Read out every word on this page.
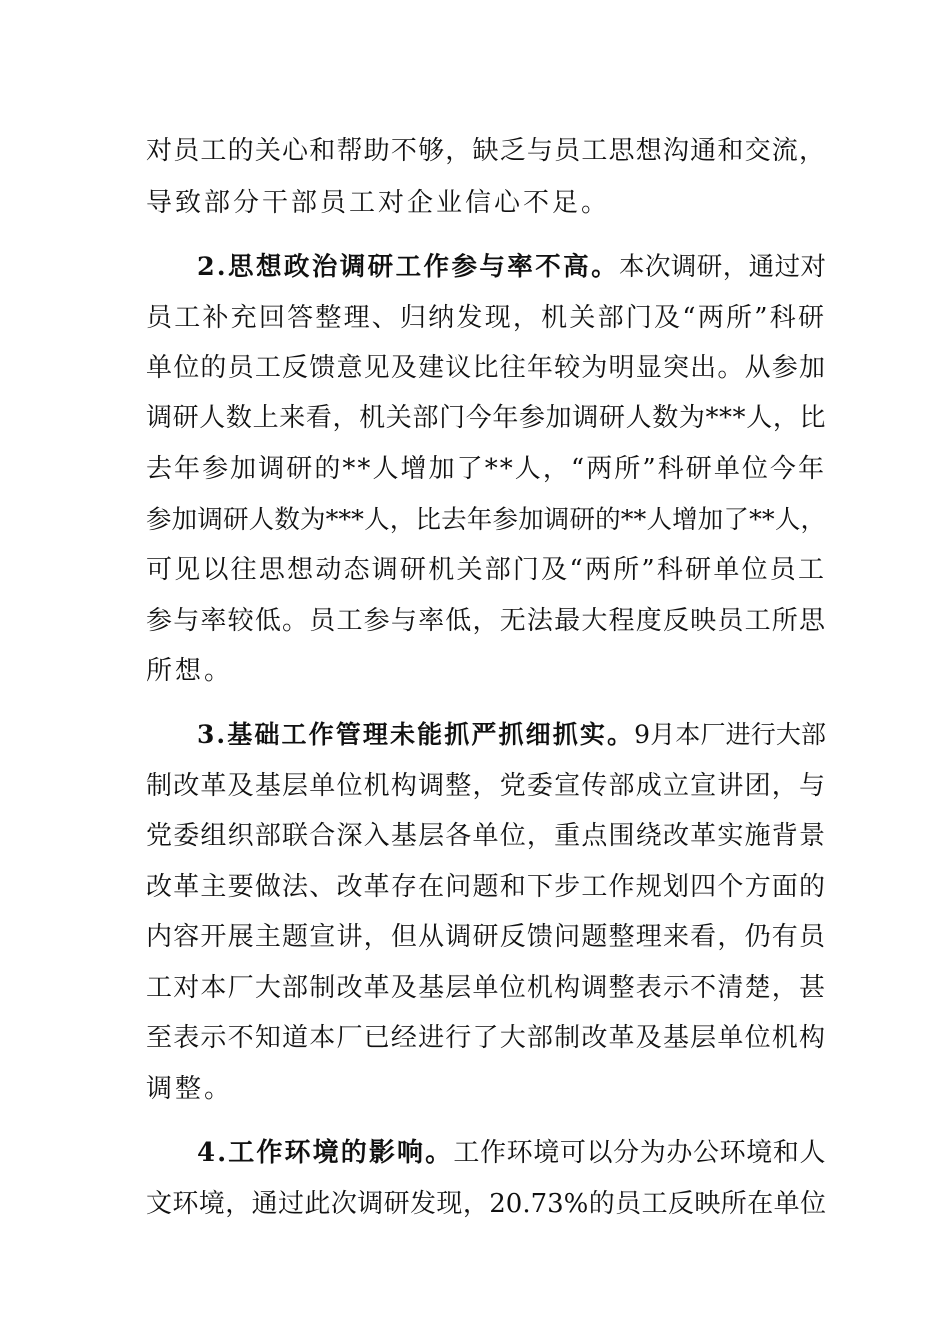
对员工的关心和帮助不够，缺乏与员工思想沟通和交流，
导致部分干部员工对企业信心不足。
2.思想政治调研工作参与率不高。本次调研，通过对
员工补充回答整理、归纳发现，机关部门及“两所”科研
单位的员工反馈意见及建议比往年较为明显突出。从参加
调研人数上来看，机关部门今年参加调研人数为***人，比
去年参加调研的**人增加了**人，“两所”科研单位今年
参加调研人数为***人，比去年参加调研的**人增加了**人，
可见以往思想动态调研机关部门及“两所”科研单位员工
参与率较低。员工参与率低，无法最大程度反映员工所思
所想。
3.基础工作管理未能抓严抓细抓实。9月本厂进行大部
制改革及基层单位机构调整，党委宣传部成立宣讲团，与
党委组织部联合深入基层各单位，重点围绕改革实施背景
改革主要做法、改革存在问题和下步工作规划四个方面的
内容开展主题宣讲，但从调研反馈问题整理来看，仍有员
工对本厂大部制改革及基层单位机构调整表示不清楚，甚
至表示不知道本厂已经进行了大部制改革及基层单位机构
调整。
4.工作环境的影响。工作环境可以分为办公环境和人
文环境，通过此次调研发现，20.73%的员工反映所在单位
